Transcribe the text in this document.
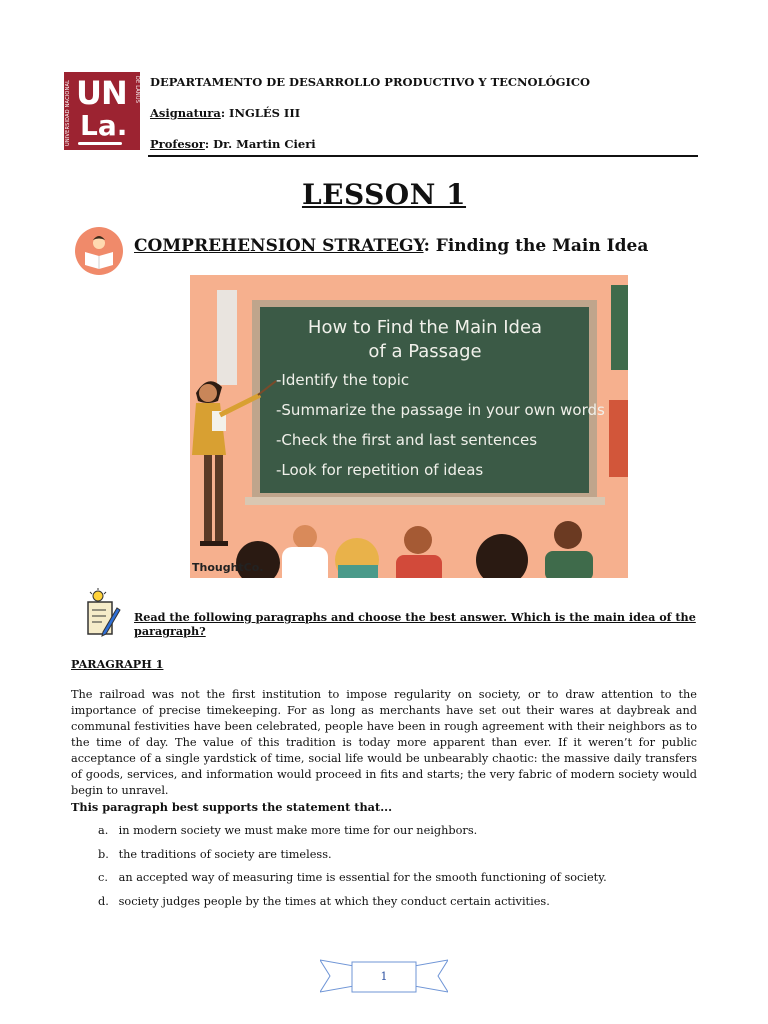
UNIVERSIDAD NACIONAL	DE LANÚS
UN
La.
DEPARTAMENTO DE DESARROLLO PRODUCTIVO Y TECNOLÓGICO
Asignatura: INGLÉS III
Profesor: Dr. Martin Cieri
LESSON 1
COMPREHENSION STRATEGY: Finding the Main Idea
How to Find the Main Idea
of a Passage
-Identify the topic
-Summarize the passage in your own words
-Check the first and last sentences
-Look for repetition of ideas
ThoughtCo.
Read the following paragraphs and choose the best answer. Which is the main idea of the paragraph?
PARAGRAPH 1
The railroad was not the first institution to impose regularity on society, or to draw attention to the importance of precise timekeeping. For as long as merchants have set out their wares at daybreak and communal festivities have been celebrated, people have been in rough agreement with their neighbors as to the time of day. The value of this tradition is today more apparent than ever. If it weren’t for public acceptance of a single yardstick of time, social life would be unbearably chaotic: the massive daily transfers of goods, services, and information would proceed in fits and starts; the very fabric of modern society would begin to unravel.
This paragraph best supports the statement that...
a. in modern society we must make more time for our neighbors.
b. the traditions of society are timeless.
c. an accepted way of measuring time is essential for the smooth functioning of society.
d. society judges people by the times at which they conduct certain activities.
1
